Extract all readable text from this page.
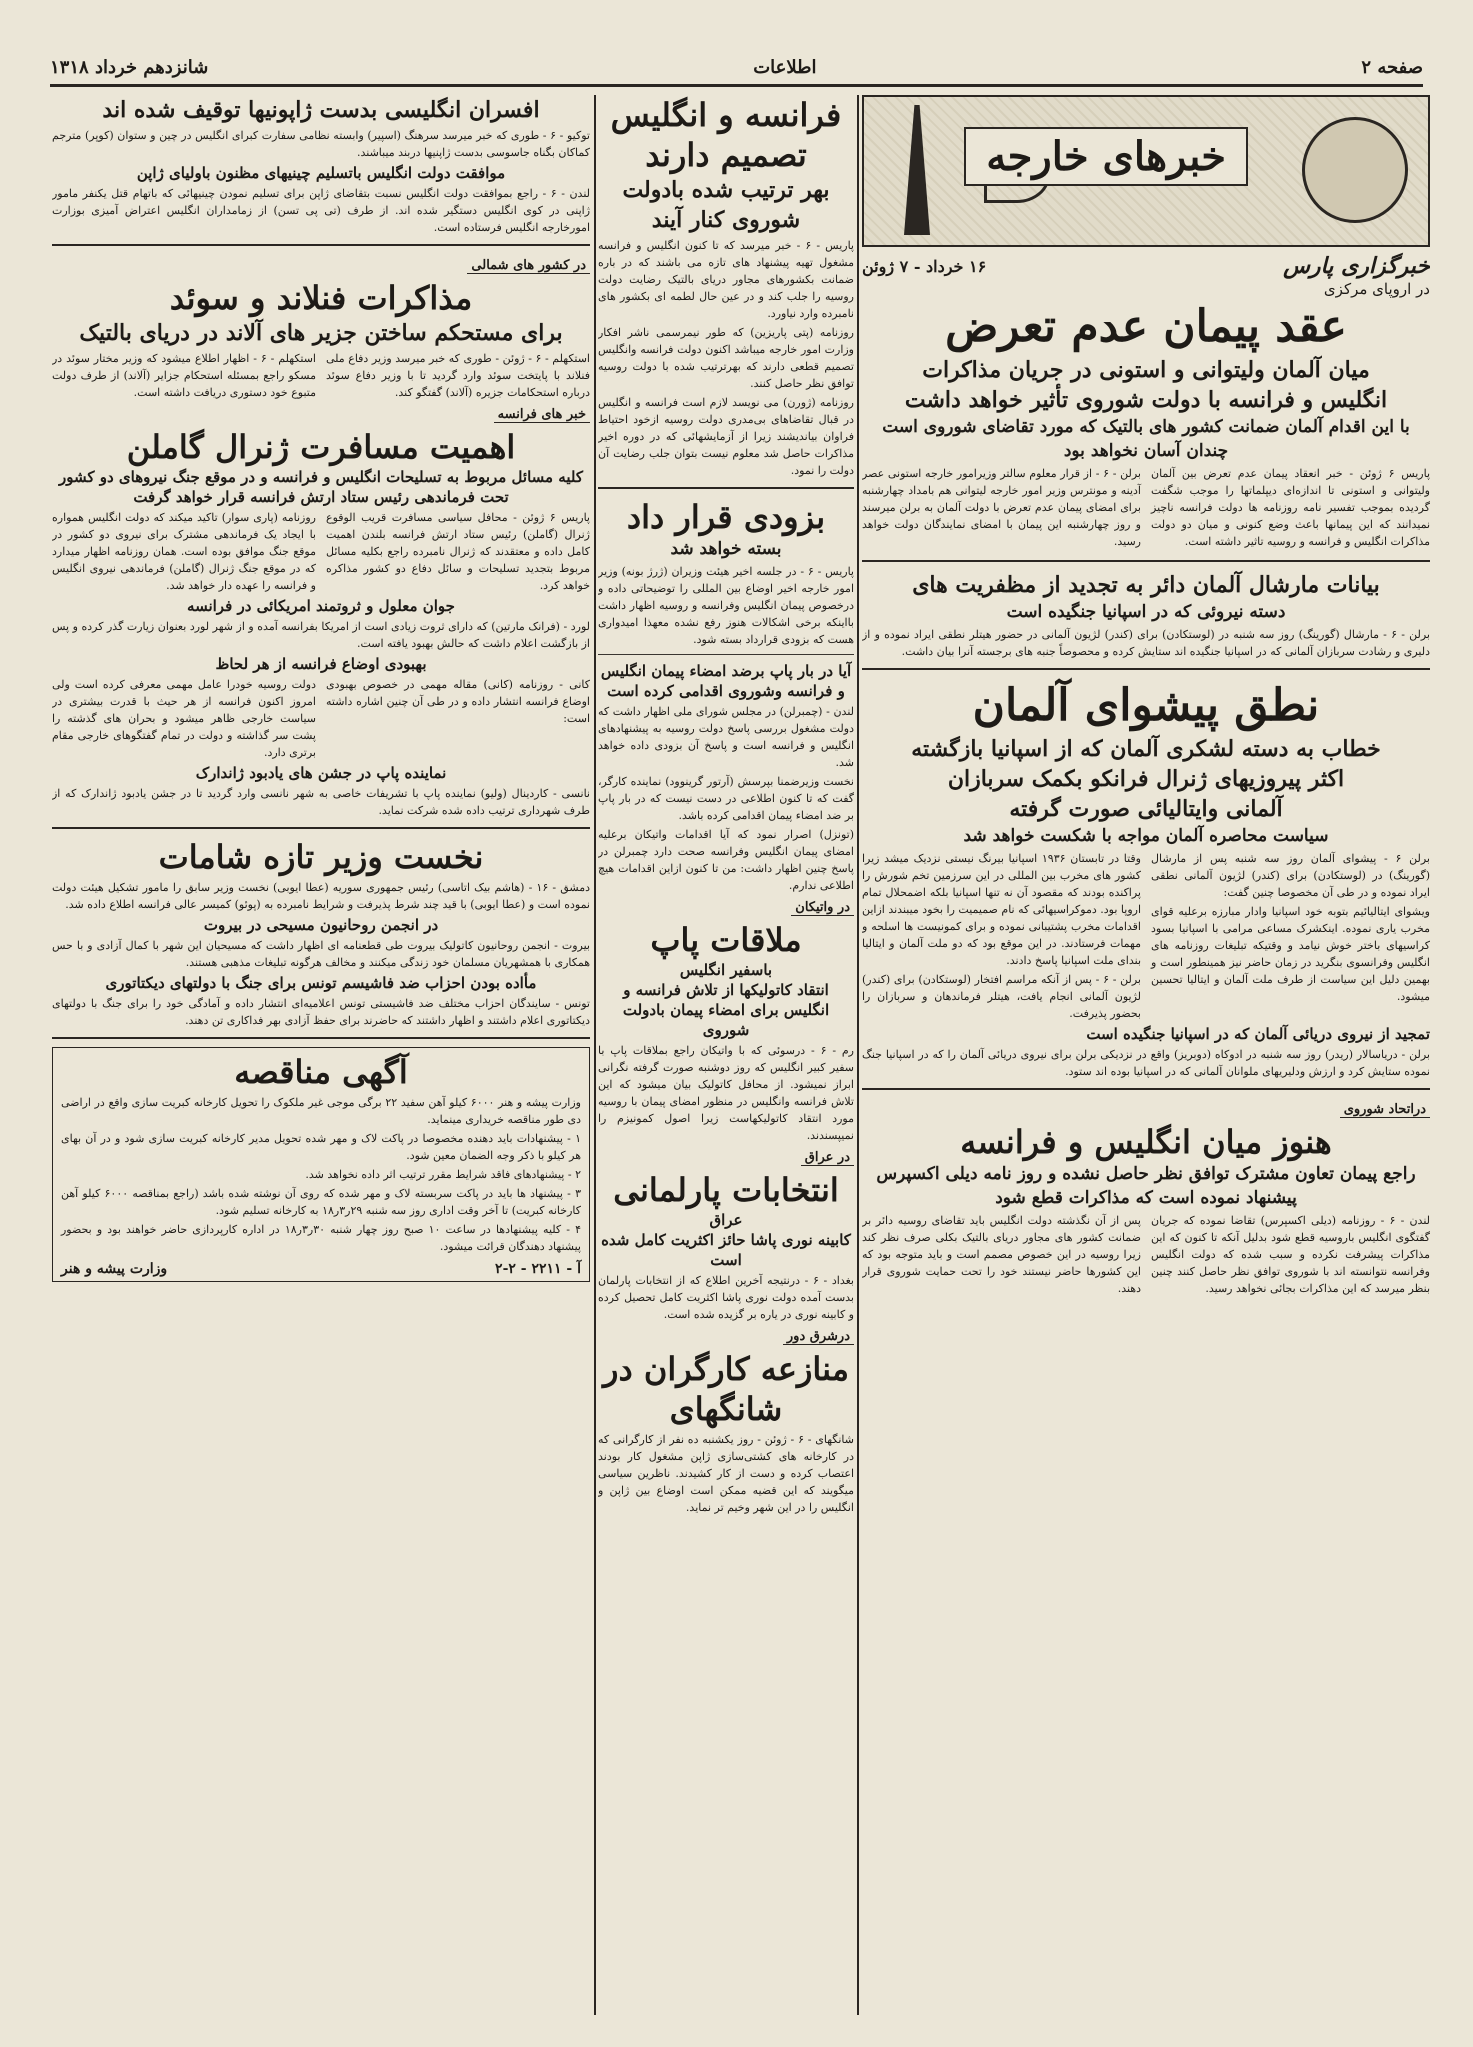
صفحه ۲
اطلاعات
شانزدهم خرداد ۱۳۱۸
خبرهای خارجه
خبرگزاری پارس
۱۶ خرداد - ۷ ژوئن
در اروپای مرکزی
عقد پیمان عدم تعرض
میان آلمان ولیتوانی و استونی در جریان مذاکرات
انگلیس و فرانسه با دولت شوروی تأثیر خواهد داشت
با این اقدام آلمان ضمانت کشور های بالتیک که مورد تقاضای شوروی است چندان آسان نخواهد بود

پاریس ۶ ژوئن - خبر انعقاد پیمان عدم تعرض بین آلمان ولیتوانی و استونی تا اندازه‌ای دیپلماتها را موجب شگفت گردیده بموجب تفسیر نامه روزنامه ها دولت فرانسه ناچیز نمیدانند که این پیمانها باعث وضع کنونی و میان دو دولت مذاکرات انگلیس و فرانسه و روسیه تاثیر داشته است.

برلن - ۶ - از قرار معلوم سالتر وزیرامور خارجه استونی عصر آدینه و مونترس وزیر امور خارجه لیتوانی هم بامداد چهارشنبه برای امضای پیمان عدم تعرض با دولت آلمان به برلن میرسند و روز چهارشنبه این پیمان با امضای نمایندگان دولت خواهد رسید.

بیانات مارشال آلمان دائر به تجدید از مظفریت های
دسته نیروئی که در اسپانیا جنگیده است

برلن - ۶ - مارشال (گورینگ) روز سه شنبه در (لوستکادن) برای (کندر) لژیون آلمانی در حضور هیتلر نطقی ایراد نموده و از دلیری و رشادت سربازان آلمانی که در اسپانیا جنگیده اند ستایش کرده و محصوصاً جنبه های برجسته آنرا بیان داشت.

نطق پیشوای آلمان
خطاب به دسته لشکری آلمان که از اسپانیا بازگشته
اکثر پیروزیهای ژنرال فرانکو بکمک سربازان
آلمانی وایتالیائی صورت گرفته
سیاست محاصره آلمان مواجه با شکست خواهد شد

برلن ۶ - پیشوای آلمان روز سه شنبه پس از مارشال (گورینگ) در (لوستکادن) برای (کندر) لژیون آلمانی نطقی ایراد نموده و در طی آن مخصوصا چنین گفت:

ویشوای ایتالیائیم بتوبه خود اسپانیا وادار مبارزه برعلیه قوای مخرب یاری نموده. اینکشرک مساعی مرامی با اسپانیا بسود کراسیهای باختر خوش نیامد و وقتیکه تبلیغات روزنامه های انگلیس وفرانسوی بنگرید در زمان حاضر نیز همینطور است و بهمین دلیل این سیاست از طرف ملت آلمان و ایتالیا تحسین میشود.

وقتا در تابستان ۱۹۳۶ اسپانیا بیرنگ نیستی نزدیک میشد زیرا کشور های مخرب بین المللی در این سرزمین تخم شورش را پراکنده بودند که مقصود آن نه تنها اسپانیا بلکه اضمحلال تمام اروپا بود. دموکراسیهائی که نام صمیمیت را بخود میبندند ازاین اقدامات مخرب پشتیبانی نموده و برای کمونیست ها اسلحه و مهمات فرستادند. در این موقع بود که دو ملت آلمان و ایتالیا بندای ملت اسپانیا پاسخ دادند.

برلن - ۶ - پس از آنکه مراسم افتخار (لوستکادن) برای (کندر) لژیون آلمانی انجام یافت، هیتلر فرماندهان و سربازان را بحضور پذیرفت.

تمجید از نیروی دریائی آلمان که در اسپانیا جنگیده است

برلن - دریاسالار (ریدر) روز سه شنبه در ادوکاه (دوبریز) واقع در نزدیکی برلن برای نیروی دریائی آلمان را که در اسپانیا جنگ نموده ستایش کرد و ارزش ودلیریهای ملوانان آلمانی که در اسپانیا بوده اند ستود.

دراتحاد شوروی
هنوز میان انگلیس و فرانسه
راجع پیمان تعاون مشترک توافق نظر حاصل نشده و روز نامه دیلی اکسپرس پیشنهاد نموده است که مذاکرات قطع شود

لندن - ۶ - روزنامه (دیلی اکسپرس) تقاضا نموده که جریان گفتگوی انگلیس باروسیه قطع شود بدلیل آنکه تا کنون که این مذاکرات پیشرفت نکرده و سبب شده که دولت انگلیس وفرانسه نتوانسته اند با شوروی توافق نظر حاصل کنند چنین بنظر میرسد که این مذاکرات بجائی نخواهد رسید.

پس از آن نگذشته دولت انگلیس باید تقاضای روسیه دائر بر ضمانت کشور های مجاور دریای بالتیک بکلی صرف نظر کند زیرا روسیه در این خصوص مصمم است و باید متوجه بود که این کشورها حاضر نیستند خود را تحت حمایت شوروی قرار دهند.

فرانسه و انگلیس
تصمیم دارند
بهر ترتیب شده بادولت
شوروی کنار آیند

پاریس - ۶ - خبر میرسد که تا کنون انگلیس و فرانسه مشغول تهیه پیشنهاد های تازه می باشند که در باره ضمانت بکشورهای مجاور دریای بالتیک رضایت دولت روسیه را جلب کند و در عین حال لطمه ای بکشور های نامبرده وارد نیاورد.

روزنامه (پتی پاریزین) که طور نیمرسمی ناشر افکار وزارت امور خارجه میباشد اکنون دولت فرانسه وانگلیس تصمیم قطعی دارند که بهرترتیب شده با دولت روسیه توافق نظر حاصل کنند.

روزنامه (ژورن) می نویسد لازم است فرانسه و انگلیس در قبال تقاضاهای بی‌مدری دولت روسیه ازخود احتیاط فراوان بیاندیشند زیرا از آزمایشهائی که در دوره اخیر مذاکرات حاصل شد معلوم نیست بتوان جلب رضایت آن دولت را نمود.

بزودی قرار داد
بسته خواهد شد

پاریس - ۶ - در جلسه اخیر هیئت وزیران (ژرژ بونه) وزیر امور خارجه اخیر اوضاع بین المللی را توضیحاتی داده و درخصوص پیمان انگلیس وفرانسه و روسیه اظهار داشت بااینکه برخی اشکالات هنوز رفع نشده معهذا امیدواری هست که بزودی قرارداد بسته شود.

آیا در بار پاپ برضد امضاء پیمان انگلیس و فرانسه وشوروی اقدامی کرده است

لندن - (چمبرلن) در مجلس شورای ملی اظهار داشت که دولت مشغول بررسی پاسخ دولت روسیه به پیشنهادهای انگلیس و فرانسه است و پاسخ آن بزودی داده خواهد شد.

نخست وزیرضمنا بپرسش (آرتور گرینوود) نماینده کارگر، گفت که تا کنون اطلاعی در دست نیست که در بار پاپ بر ضد امضاء پیمان اقدامی کرده باشد.

(تونزل) اصرار نمود که آیا اقدامات واتیکان برعلیه امضای پیمان انگلیس وفرانسه صحت دارد چمبرلن در پاسخ چنین اظهار داشت: من تا کنون ازاین اقدامات هیچ اطلاعی ندارم.

در واتیکان
ملاقات پاپ
باسفیر انگلیس
انتقاد کاتولیکها از تلاش فرانسه و انگلیس برای امضاء پیمان بادولت شوروی

رم - ۶ - درسوئی که با واتیکان راجع بملاقات پاپ با سفیر کبیر انگلیس که روز دوشنبه صورت گرفته نگرانی ابراز نمیشود. از محافل کاتولیک بیان میشود که این تلاش فرانسه وانگلیس در منظور امضای پیمان با روسیه مورد انتقاد کاتولیکهاست زیرا اصول کمونیزم را نمیپسندند.

در عراق
انتخابات پارلمانی
عراق
کابینه نوری پاشا حائز اکثریت کامل شده است

بغداد - ۶ - درنتیجه آخرین اطلاع که از انتخابات پارلمان بدست آمده دولت نوری پاشا اکثریت کامل تحصیل کرده و کابینه نوری در یاره بر گزیده شده است.

درشرق دور
منازعه کارگران در شانگهای

شانگهای - ۶ - ژوئن - روز یکشنبه ده نفر از کارگرانی که در کارخانه های کشتی‌سازی ژاپن مشغول کار بودند اعتصاب کرده و دست از کار کشیدند. ناظرین سیاسی میگویند که این قضیه ممکن است اوضاع بین ژاپن و انگلیس را در این شهر وخیم تر نماید.

افسران انگلیسی بدست ژاپونیها توقیف شده اند

توکیو - ۶ - طوری که خبر میرسد سرهنگ (اسپیر) وابسته نظامی سفارت کبرای انگلیس در چین و ستوان (کوپر) مترجم کماکان بگناه جاسوسی بدست ژاپنیها دربند میباشند.

موافقت دولت انگلیس باتسلیم چینیهای مظنون باولیای ژاپن

لندن - ۶ - راجع بموافقت دولت انگلیس نسبت بتقاضای ژاپن برای تسلیم نمودن چینیهائی که باتهام قتل یکنفر مامور ژاپنی در کوی انگلیس دستگیر شده اند. از طرف (تی پی تسن) از زمامداران انگلیس اعتراض آمیزی بوزارت امورخارجه انگلیس فرستاده است.

در کشور های شمالی
مذاکرات فنلاند و سوئد
برای مستحکم ساختن جزیر های آلاند در دریای بالتیک

استکهلم - ۶ - ژوئن - طوری که خبر میرسد وزیر دفاع ملی فنلاند با پایتخت سوئد وارد گردید تا با وزیر دفاع سوئد درباره استحکامات جزیره (آلاند) گفتگو کند.

استکهلم - ۶ - اظهار اطلاع میشود که وزیر مختار سوئد در مسکو راجع بمسئله استحکام جزایر (آلاند) از طرف دولت متبوع خود دستوری دریافت داشته است.

خبر های فرانسه
اهمیت مسافرت ژنرال گاملن
کلیه مسائل مربوط به تسلیحات انگلیس و فرانسه و در موقع جنگ نیروهای دو کشور تحت فرماندهی رئیس ستاد ارتش فرانسه قرار خواهد گرفت

پاریس ۶ ژوئن - محافل سیاسی مسافرت قریب الوقوع ژنرال (گاملن) رئیس ستاد ارتش فرانسه بلندن اهمیت کامل داده و معتقدند که ژنرال نامبرده راجع بکلیه مسائل مربوط بتجدید تسلیحات و سائل دفاع دو کشور مذاکره خواهد کرد.

روزنامه (پاری سوار) تاکید میکند که دولت انگلیس همواره با ایجاد یک فرماندهی مشترک برای نیروی دو کشور در موقع جنگ موافق بوده است. همان روزنامه اظهار میدارد که در موقع جنگ ژنرال (گاملن) فرماندهی نیروی انگلیس و فرانسه را عهده دار خواهد شد.

جوان معلول و ثروتمند امریکائی در فرانسه

لورد - (فرانک مارتین) که دارای ثروت زیادی است از امریکا بفرانسه آمده و از شهر لورد بعنوان زیارت گذر کرده و پس از بازگشت اعلام داشت که حالش بهبود یافته است.

بهبودی اوضاع فرانسه از هر لحاظ

کانی - روزنامه (کانی) مقاله مهمی در خصوص بهبودی اوضاع فرانسه انتشار داده و در طی آن چنین اشاره داشته است:

دولت روسیه خودرا عامل مهمی معرفی کرده است ولی امروز اکنون فرانسه از هر حیث با قدرت بیشتری در سیاست خارجی ظاهر میشود و بحران های گذشته را پشت سر گذاشته و دولت در تمام گفتگوهای خارجی مقام برتری دارد.

نماینده پاپ در جشن های یادبود ژاندارک

نانسی - کاردینال (ولیو) نماینده پاپ با تشریفات خاصی به شهر نانسی وارد گردید تا در جشن یادبود ژاندارک که از طرف شهرداری ترتیب داده شده شرکت نماید.

نخست وزیر تازه شامات

دمشق - ۱۶ - (هاشم بیک اتاسی) رئیس جمهوری سوریه (عطا ایوبی) نخست وزیر سابق را مامور تشکیل هیئت دولت نموده است و (عطا ایوبی) با قید چند شرط پذیرفت و شرایط نامبرده به (پوئو) کمیسر عالی فرانسه اطلاع داده شد.

در انجمن روحانیون مسیحی در بیروت

بیروت - انجمن روحانیون کاتولیک بیروت طی قطعنامه ای اظهار داشت که مسیحیان این شهر با کمال آزادی و با حس همکاری با همشهریان مسلمان خود زندگی میکنند و مخالف هرگونه تبلیغات مذهبی هستند.

مأاده بودن احزاب ضد فاشیسم تونس برای جنگ با دولتهای دیکتاتوری

تونس - سایندگان احزاب مختلف ضد فاشیستی تونس اعلامیه‌ای انتشار داده و آمادگی خود را برای جنگ با دولتهای دیکتاتوری اعلام داشتند و اظهار داشتند که حاضرند برای حفظ آزادی بهر فداکاری تن دهند.

آگهی مناقصه

وزارت پیشه و هنر ۶۰۰۰ کیلو آهن سفید ۲۲ برگی موجی غیر ملکوک را تحویل کارخانه کبریت سازی واقع در اراضی دی طور مناقصه خریداری مینماید.

۱ - پیشنهادات باید دهنده مخصوصا در پاکت لاک و مهر شده تحویل مدیر کارخانه کبریت سازی شود و در آن بهای هر کیلو با ذکر وجه الضمان معین شود.

۲ - پیشنهادهای فاقد شرایط مقرر ترتیب اثر داده نخواهد شد.

۳ - پیشنهاد ها باید در پاکت سربسته لاک و مهر شده که روی آن نوشته شده باشد (راجع بمناقصه ۶۰۰۰ کیلو آهن کارخانه کبریت) تا آخر وقت اداری روز سه شنبه ۲۹ر۳ر۱۸ به کارخانه تسلیم شود.

۴ - کلیه پیشنهادها در ساعت ۱۰ صبح روز چهار شنبه ۳۰ر۳ر۱۸ در اداره کارپردازی حاضر خواهند بود و بحضور پیشنهاد دهندگان قرائت میشود.

آ - ۲۲۱۱ - ۲-۲
وزارت پیشه و هنر
